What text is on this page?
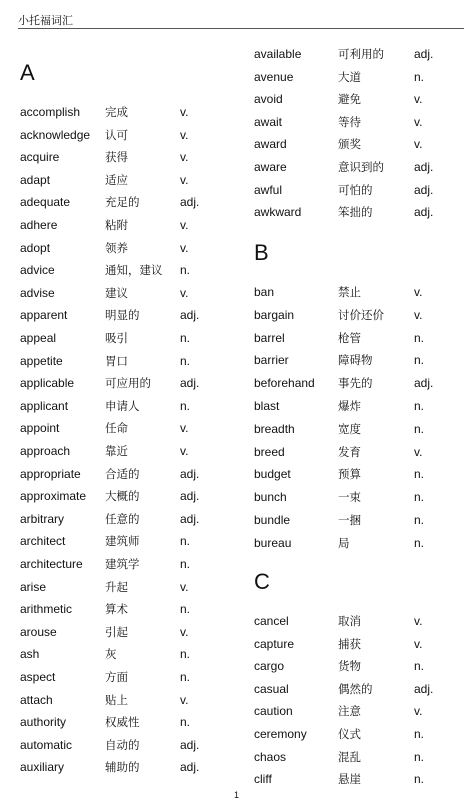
小托福词汇
A
accomplish 完成	v.
acknowledge 认可	v.
acquire	获得	v.
adapt	适应	v.
adequate	充足的	adj.
adhere	粘附	v.
adopt	领养	v.
advice	通知，建议 n.
advise	建议	v.
apparent	明显的	adj.
appeal	吸引	n.
appetite	胃口	n.
applicable	可应用的 adj.
applicant	申请人	n.
appoint	任命	v.
approach	靠近	v.
appropriate 合适的	adj.
approximate 大概的	adj.
arbitrary	任意的	adj.
architect	建筑师	n.
architecture 建筑学	n.
arise	升起	v.
arithmetic	算术	n.
arouse	引起	v.
ash	灰	n.
aspect	方面	n.
attach	贴上	v.
authority	权威性	n.
automatic	自动的	adj.
auxiliary	辅助的	adj.
available	可利用的	adj.
avenue	大道	n.
avoid	避免	v.
await	等待	v.
award	颁奖	v.
aware	意识到的	adj.
awful	可怕的	adj.
awkward	笨拙的	adj.
B
ban	禁止	v.
bargain	讨价还价	v.
barrel	枪管	n.
barrier	障碍物	n.
beforehand 事先的	adj.
blast	爆炸	n.
breadth	宽度	n.
breed	发育	v.
budget	预算	n.
bunch	一束	n.
bundle	一捆	n.
bureau	局	n.
C
cancel	取消	v.
capture	捕获	v.
cargo	货物	n.
casual	偶然的	adj.
caution	注意	v.
ceremony	仪式	n.
chaos	混乱	n.
cliff	悬崖	n.
1
